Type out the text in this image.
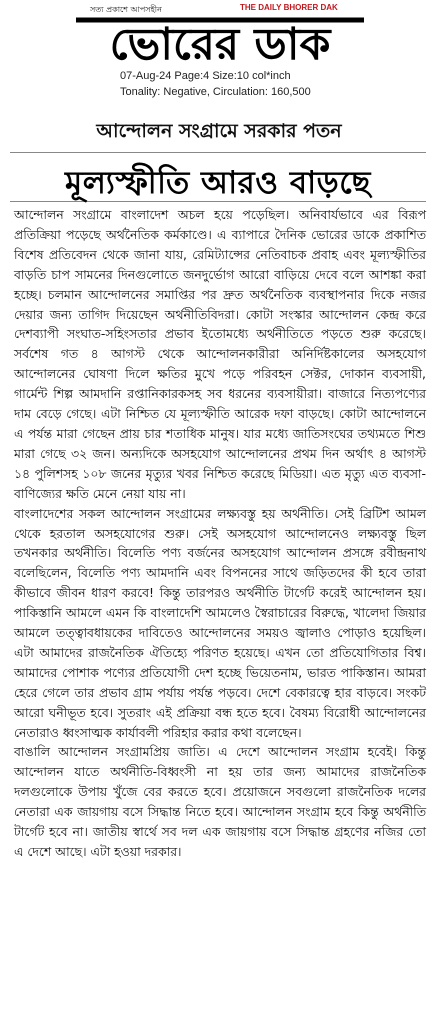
সত্য প্রকাশে আপসহীন	THE DAILY BHORER DAK
ভোরের ডাক
07-Aug-24 Page:4 Size:10 col*inch
Tonality: Negative, Circulation: 160,500
আন্দোলন সংগ্রামে সরকার পতন
মূল্যস্ফীতি আরও বাড়ছে

আন্দোলন সংগ্রামে বাংলাদেশ অচল হয়ে পড়েছিল। অনিবার্যভাবে এর বিরূপ প্রতিক্রিয়া পড়েছে অর্থনৈতিক কর্মকাণ্ডে। এ ব্যাপারে দৈনিক ভোরের ডাকে প্রকাশিত বিশেষ প্রতিবেদন থেকে জানা যায়, রেমিট্যান্সের নেতিবাচক প্রবাহ এবং মূল্যস্ফীতির বাড়তি চাপ সামনের দিনগুলোতে জনদুর্ভোগ আরো বাড়িয়ে দেবে বলে আশঙ্কা করা হচ্ছে। চলমান আন্দোলনের সমাপ্তির পর দ্রুত অর্থনৈতিক ব্যবস্থাপনার দিকে নজর দেয়ার জন্য তাগিদ দিয়েছেন অর্থনীতিবিদরা। কোটা সংস্কার আন্দোলন কেন্দ্র করে দেশব্যাপী সংঘাত-সহিংসতার প্রভাব ইতোমধ্যে অর্থনীতিতে পড়তে শুরু করেছে। সর্বশেষ গত ৪ আগস্ট থেকে আন্দোলনকারীরা অনির্দিষ্টকালের অসহযোগ আন্দোলনের ঘোষণা দিলে ক্ষতির মুখে পড়ে পরিবহন সেক্টর, দোকান ব্যবসায়ী, গার্মেন্ট শিল্প আমদানি রপ্তানিকারকসহ সব ধরনের ব্যবসায়ীরা। বাজারে নিত্যপণ্যের দাম বেড়ে গেছে। এটা নিশ্চিত যে মূল্যস্ফীতি আরেক দফা বাড়ছে। কোটা আন্দোলনে এ পর্যন্ত মারা গেছেন প্রায় চার শতাধিক মানুষ। যার মধ্যে জাতিসংঘের তথ্যমতে শিশু মারা গেছে ৩২ জন। অন্যদিকে অসহযোগ আন্দোলনের প্রথম দিন অর্থাৎ ৪ আগস্ট ১৪ পুলিশসহ ১০৮ জনের মৃত্যুর খবর নিশ্চিত করেছে মিডিয়া। এত মৃত্যু এত ব্যবসা-বাণিজ্যের ক্ষতি মেনে নেয়া যায় না।

বাংলাদেশের সকল আন্দোলন সংগ্রামের লক্ষ্যবস্তু হয় অর্থনীতি। সেই ব্রিটিশ আমল থেকে হরতাল অসহযোগের শুরু। সেই অসহযোগ আন্দোলনেও লক্ষ্যবস্তু ছিল তখনকার অর্থনীতি। বিলেতি পণ্য বর্জনের অসহযোগ আন্দোলন প্রসঙ্গে রবীন্দ্রনাথ বলেছিলেন, বিলেতি পণ্য আমদানি এবং বিপননের সাথে জড়িতদের কী হবে তারা কীভাবে জীবন ধারণ করবে! কিন্তু তারপরও অর্থনীতি টার্গেট করেই আন্দোলন হয়। পাকিস্তানি আমলে এমন কি বাংলাদেশি আমলেও স্বৈরাচারের বিরুদ্ধে, খালেদা জিয়ার আমলে তত্ত্বাবধায়কের দাবিতেও আন্দোলনের সময়ও জ্বালাও পোড়াও হয়েছিল। এটা আমাদের রাজনৈতিক ঐতিহ্যে পরিণত হয়েছে। এখন তো প্রতিযোগিতার বিশ্ব। আমাদের পোশাক পণ্যের প্রতিযোগী দেশ হচ্ছে ভিয়েতনাম, ভারত পাকিস্তান। আমরা হেরে গেলে তার প্রভাব গ্রাম পর্যায় পর্যন্ত পড়বে। দেশে বেকারত্বে হার বাড়বে। সংকট আরো ঘনীভূত হবে। সুতরাং এই প্রক্রিয়া বন্ধ হতে হবে। বৈষম্য বিরোধী আন্দোলনের নেতারাও ধ্বংসাত্মক কার্যাবলী পরিহার করার কথা বলেছেন।

বাঙালি আন্দোলন সংগ্রামপ্রিয় জাতি। এ দেশে আন্দোলন সংগ্রাম হবেই। কিন্তু আন্দোলন যাতে অর্থনীতি-বিধ্বংসী না হয় তার জন্য আমাদের রাজনৈতিক দলগুলোকে উপায় খুঁজে বের করতে হবে। প্রয়োজনে সবগুলো রাজনৈতিক দলের নেতারা এক জায়গায় বসে সিদ্ধান্ত নিতে হবে। আন্দোলন সংগ্রাম হবে কিন্তু অর্থনীতি টার্গেট হবে না। জাতীয় স্বার্থে সব দল এক জায়গায় বসে সিদ্ধান্ত গ্রহণের নজির তো এ দেশে আছে। এটা হওয়া দরকার।
